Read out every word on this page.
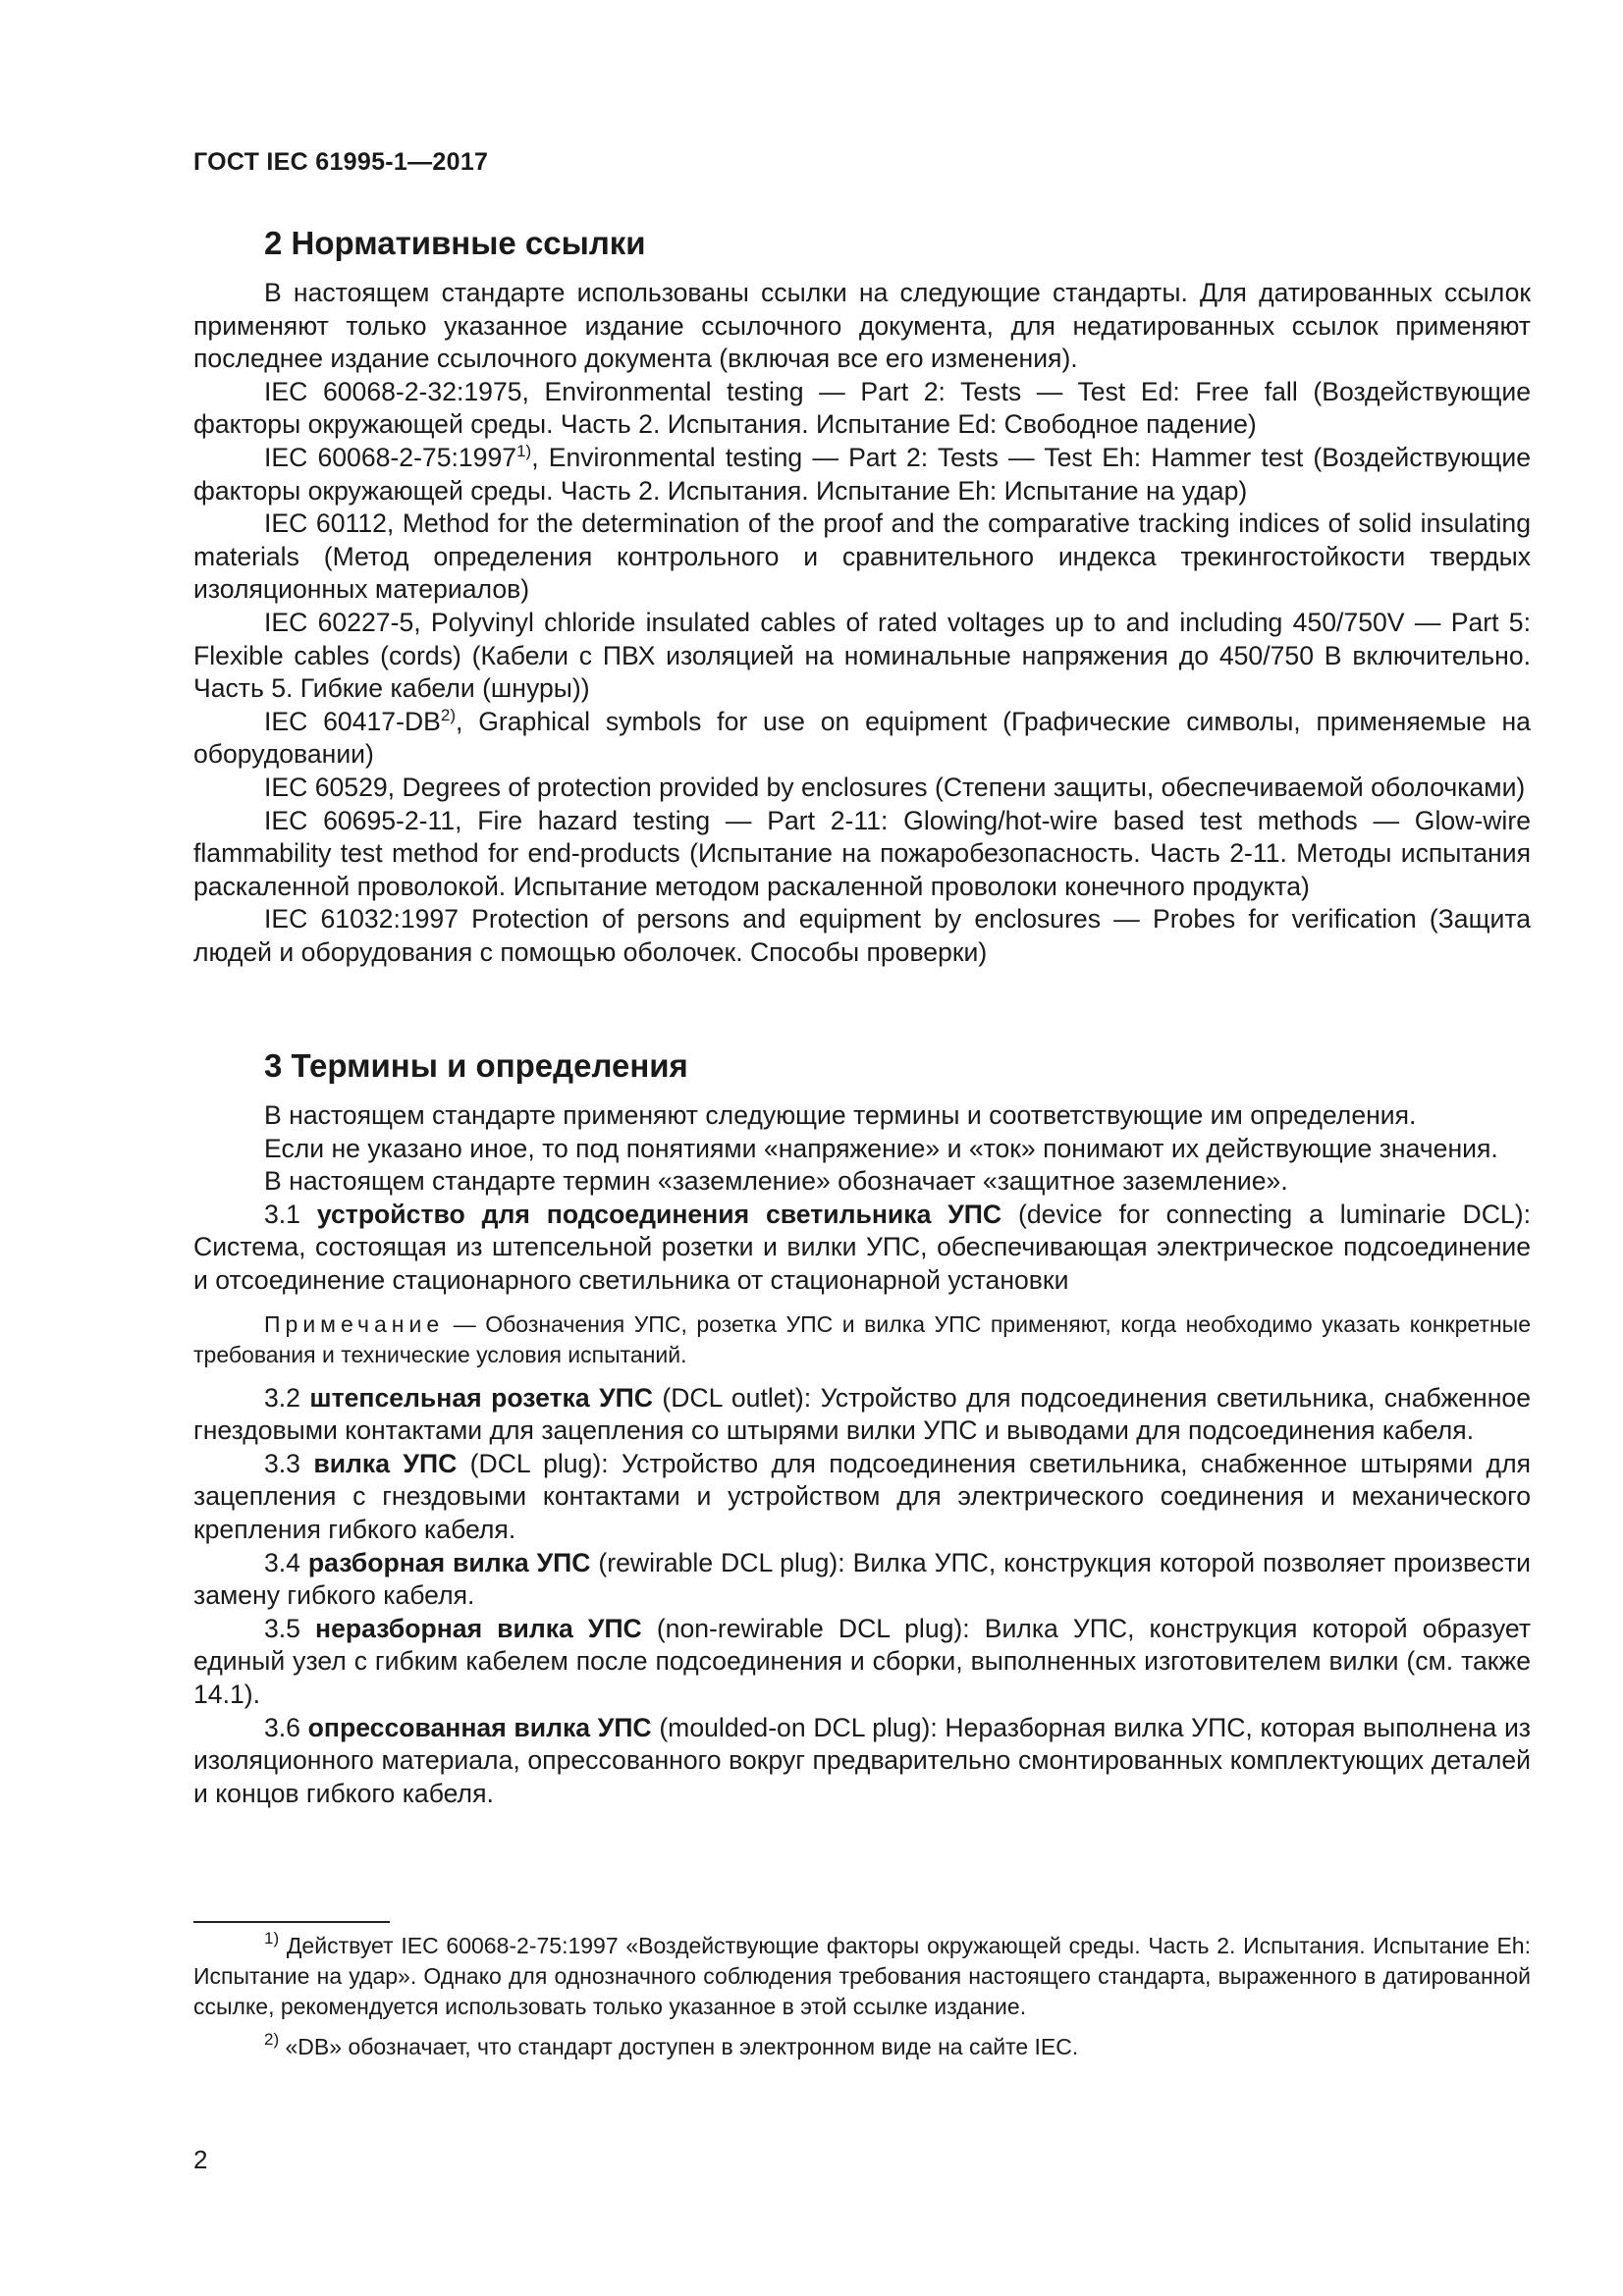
ГОСТ IEC 61995-1—2017
2 Нормативные ссылки

В настоящем стандарте использованы ссылки на следующие стандарты. Для датированных ссылок применяют только указанное издание ссылочного документа, для недатированных ссылок применяют последнее издание ссылочного документа (включая все его изменения).

IEC 60068-2-32:1975, Environmental testing — Part 2: Tests — Test Ed: Free fall (Воздействующие факторы окружающей среды. Часть 2. Испытания. Испытание Ed: Свободное падение)

IEC 60068-2-75:1997$^{1)}$, Environmental testing — Part 2: Tests — Test Eh: Hammer test (Воздействующие факторы окружающей среды. Часть 2. Испытания. Испытание Eh: Испытание на удар)

IEC 60112, Method for the determination of the proof and the comparative tracking indices of solid insulating materials (Метод определения контрольного и сравнительного индекса трекингостойкости твердых изоляционных материалов)

IEC 60227-5, Polyvinyl chloride insulated cables of rated voltages up to and including 450/750V — Part 5: Flexible cables (cords) (Кабели с ПВХ изоляцией на номинальные напряжения до 450/750 В включительно. Часть 5. Гибкие кабели (шнуры))

IEC 60417-DB$^{2)}$, Graphical symbols for use on equipment (Графические символы, применяемые на оборудовании)

IEC 60529, Degrees of protection provided by enclosures (Степени защиты, обеспечиваемой оболочками)

IEC 60695-2-11, Fire hazard testing — Part 2-11: Glowing/hot-wire based test methods — Glow-wire flammability test method for end-products (Испытание на пожаробезопасность. Часть 2-11. Методы испытания раскаленной проволокой. Испытание методом раскаленной проволоки конечного продукта)

IEC 61032:1997 Protection of persons and equipment by enclosures — Probes for verification (Защита людей и оборудования с помощью оболочек. Способы проверки)

3 Термины и определения

В настоящем стандарте применяют следующие термины и соответствующие им определения.

Если не указано иное, то под понятиями «напряжение» и «ток» понимают их действующие значения.

В настоящем стандарте термин «заземление» обозначает «защитное заземление».

3.1 устройство для подсоединения светильника УПС (device for connecting a luminarie DCL): Система, состоящая из штепсельной розетки и вилки УПС, обеспечивающая электрическое подсоединение и отсоединение стационарного светильника от стационарной установки

Примечание — Обозначения УПС, розетка УПС и вилка УПС применяют, когда необходимо указать конкретные требования и технические условия испытаний.

3.2 штепсельная розетка УПС (DCL outlet): Устройство для подсоединения светильника, снабженное гнездовыми контактами для зацепления со штырями вилки УПС и выводами для подсоединения кабеля.

3.3 вилка УПС (DCL plug): Устройство для подсоединения светильника, снабженное штырями для зацепления с гнездовыми контактами и устройством для электрического соединения и механического крепления гибкого кабеля.

3.4 разборная вилка УПС (rewirable DCL plug): Вилка УПС, конструкция которой позволяет произвести замену гибкого кабеля.

3.5 неразборная вилка УПС (non-rewirable DCL plug): Вилка УПС, конструкция которой образует единый узел с гибким кабелем после подсоединения и сборки, выполненных изготовителем вилки (см. также 14.1).

3.6 опрессованная вилка УПС (moulded-on DCL plug): Неразборная вилка УПС, которая выполнена из изоляционного материала, опрессованного вокруг предварительно смонтированных комплектующих деталей и концов гибкого кабеля.

$^{1)}$ Действует IEC 60068-2-75:1997 «Воздействующие факторы окружающей среды. Часть 2. Испытания. Испытание Eh: Испытание на удар». Однако для однозначного соблюдения требования настоящего стандарта, выраженного в датированной ссылке, рекомендуется использовать только указанное в этой ссылке издание.
$^{2)}$ «DB» обозначает, что стандарт доступен в электронном виде на сайте IEC.
2
